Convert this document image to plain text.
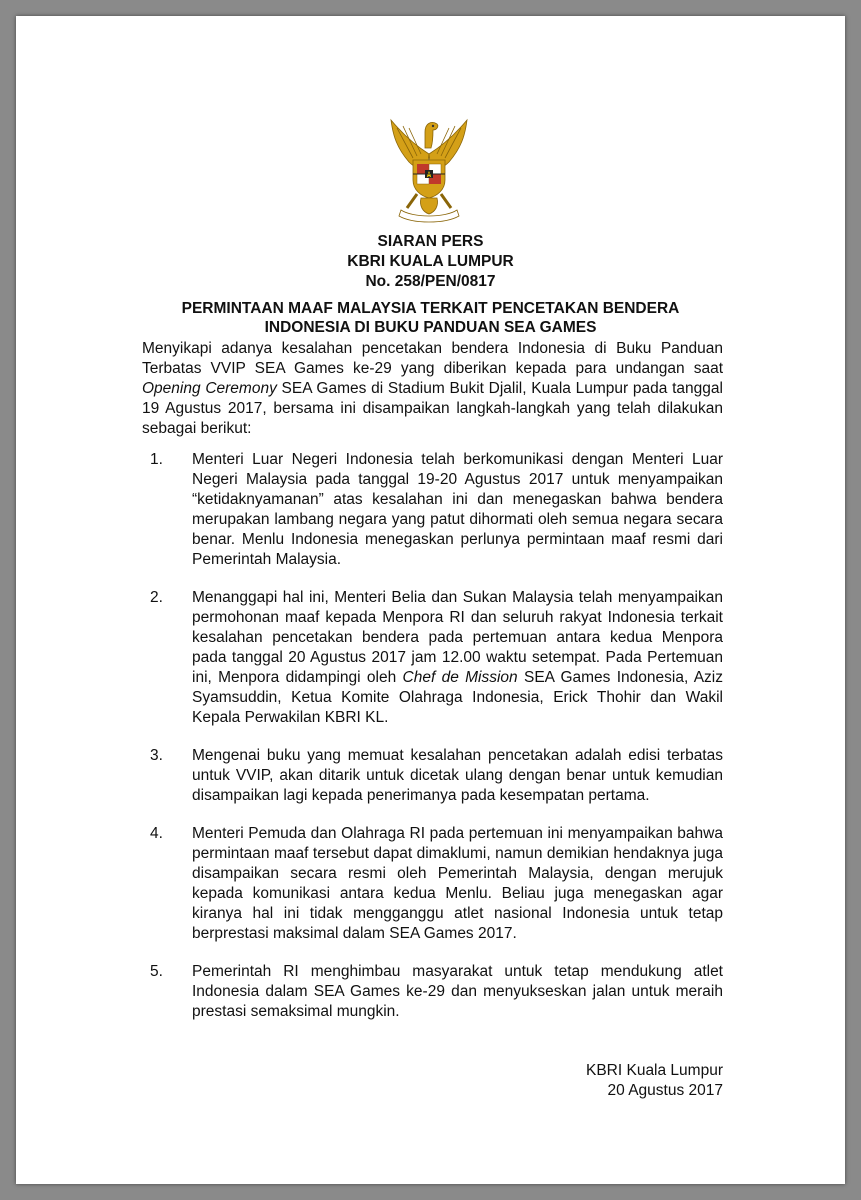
SIARAN PERS
KBRI KUALA LUMPUR
No. 258/PEN/0817
PERMINTAAN MAAF MALAYSIA TERKAIT PENCETAKAN BENDERA
INDONESIA DI BUKU PANDUAN SEA GAMES
Menyikapi adanya kesalahan pencetakan bendera Indonesia di Buku Panduan Terbatas VVIP SEA Games ke-29 yang diberikan kepada para undangan saat Opening Ceremony SEA Games di Stadium Bukit Djalil, Kuala Lumpur pada tanggal 19 Agustus 2017, bersama ini disampaikan langkah-langkah yang telah dilakukan sebagai berikut:
1.	Menteri Luar Negeri Indonesia telah berkomunikasi dengan Menteri Luar Negeri Malaysia pada tanggal 19-20 Agustus 2017 untuk menyampaikan “ketidaknyamanan” atas kesalahan ini dan menegaskan bahwa bendera merupakan lambang negara yang patut dihormati oleh semua negara secara benar. Menlu Indonesia menegaskan perlunya permintaan maaf resmi dari Pemerintah Malaysia.
2.	Menanggapi hal ini, Menteri Belia dan Sukan Malaysia telah menyampaikan permohonan maaf kepada Menpora RI dan seluruh rakyat Indonesia terkait kesalahan pencetakan bendera pada pertemuan antara kedua Menpora pada tanggal 20 Agustus 2017 jam 12.00 waktu setempat. Pada Pertemuan ini, Menpora didampingi oleh Chef de Mission SEA Games Indonesia, Aziz Syamsuddin, Ketua Komite Olahraga Indonesia, Erick Thohir dan Wakil Kepala Perwakilan KBRI KL.
3.	Mengenai buku yang memuat kesalahan pencetakan adalah edisi terbatas untuk VVIP, akan ditarik untuk dicetak ulang dengan benar untuk kemudian disampaikan lagi kepada penerimanya pada kesempatan pertama.
4.	Menteri Pemuda dan Olahraga RI pada pertemuan ini menyampaikan bahwa permintaan maaf tersebut dapat dimaklumi, namun demikian hendaknya juga disampaikan secara resmi oleh Pemerintah Malaysia, dengan merujuk kepada komunikasi antara kedua Menlu. Beliau juga menegaskan agar kiranya hal ini tidak mengganggu atlet nasional Indonesia untuk tetap berprestasi maksimal dalam SEA Games 2017.
5.	Pemerintah RI menghimbau masyarakat untuk tetap mendukung atlet Indonesia dalam SEA Games ke-29 dan menyukseskan jalan untuk meraih prestasi semaksimal mungkin.
KBRI Kuala Lumpur
20 Agustus 2017
